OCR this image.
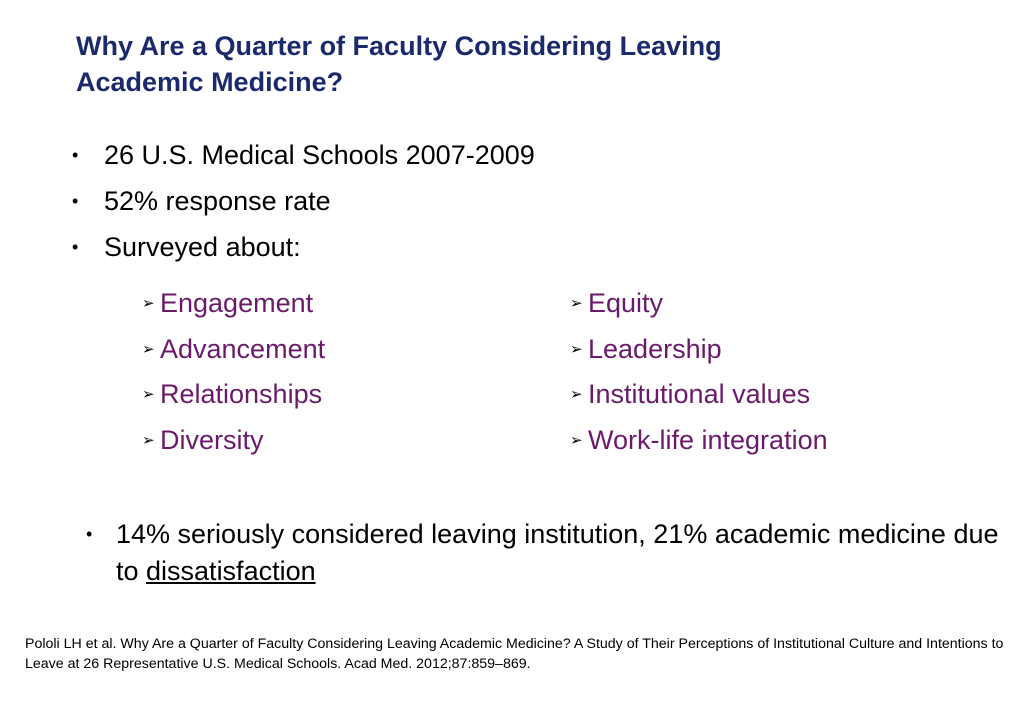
Why Are a Quarter of Faculty Considering Leaving
Academic Medicine?
• 26 U.S. Medical Schools 2007-2009
• 52% response rate
• Surveyed about:
➢ Engagement
➢ Advancement
➢ Relationships
➢ Diversity
➢ Equity
➢ Leadership
➢ Institutional values
➢ Work-life integration
• 14% seriously considered leaving institution, 21% academic medicine due to dissatisfaction
Pololi LH et al. Why Are a Quarter of Faculty Considering Leaving Academic Medicine? A Study of Their Perceptions of Institutional Culture and Intentions to Leave at 26 Representative U.S. Medical Schools. Acad Med. 2012;87:859–869.
